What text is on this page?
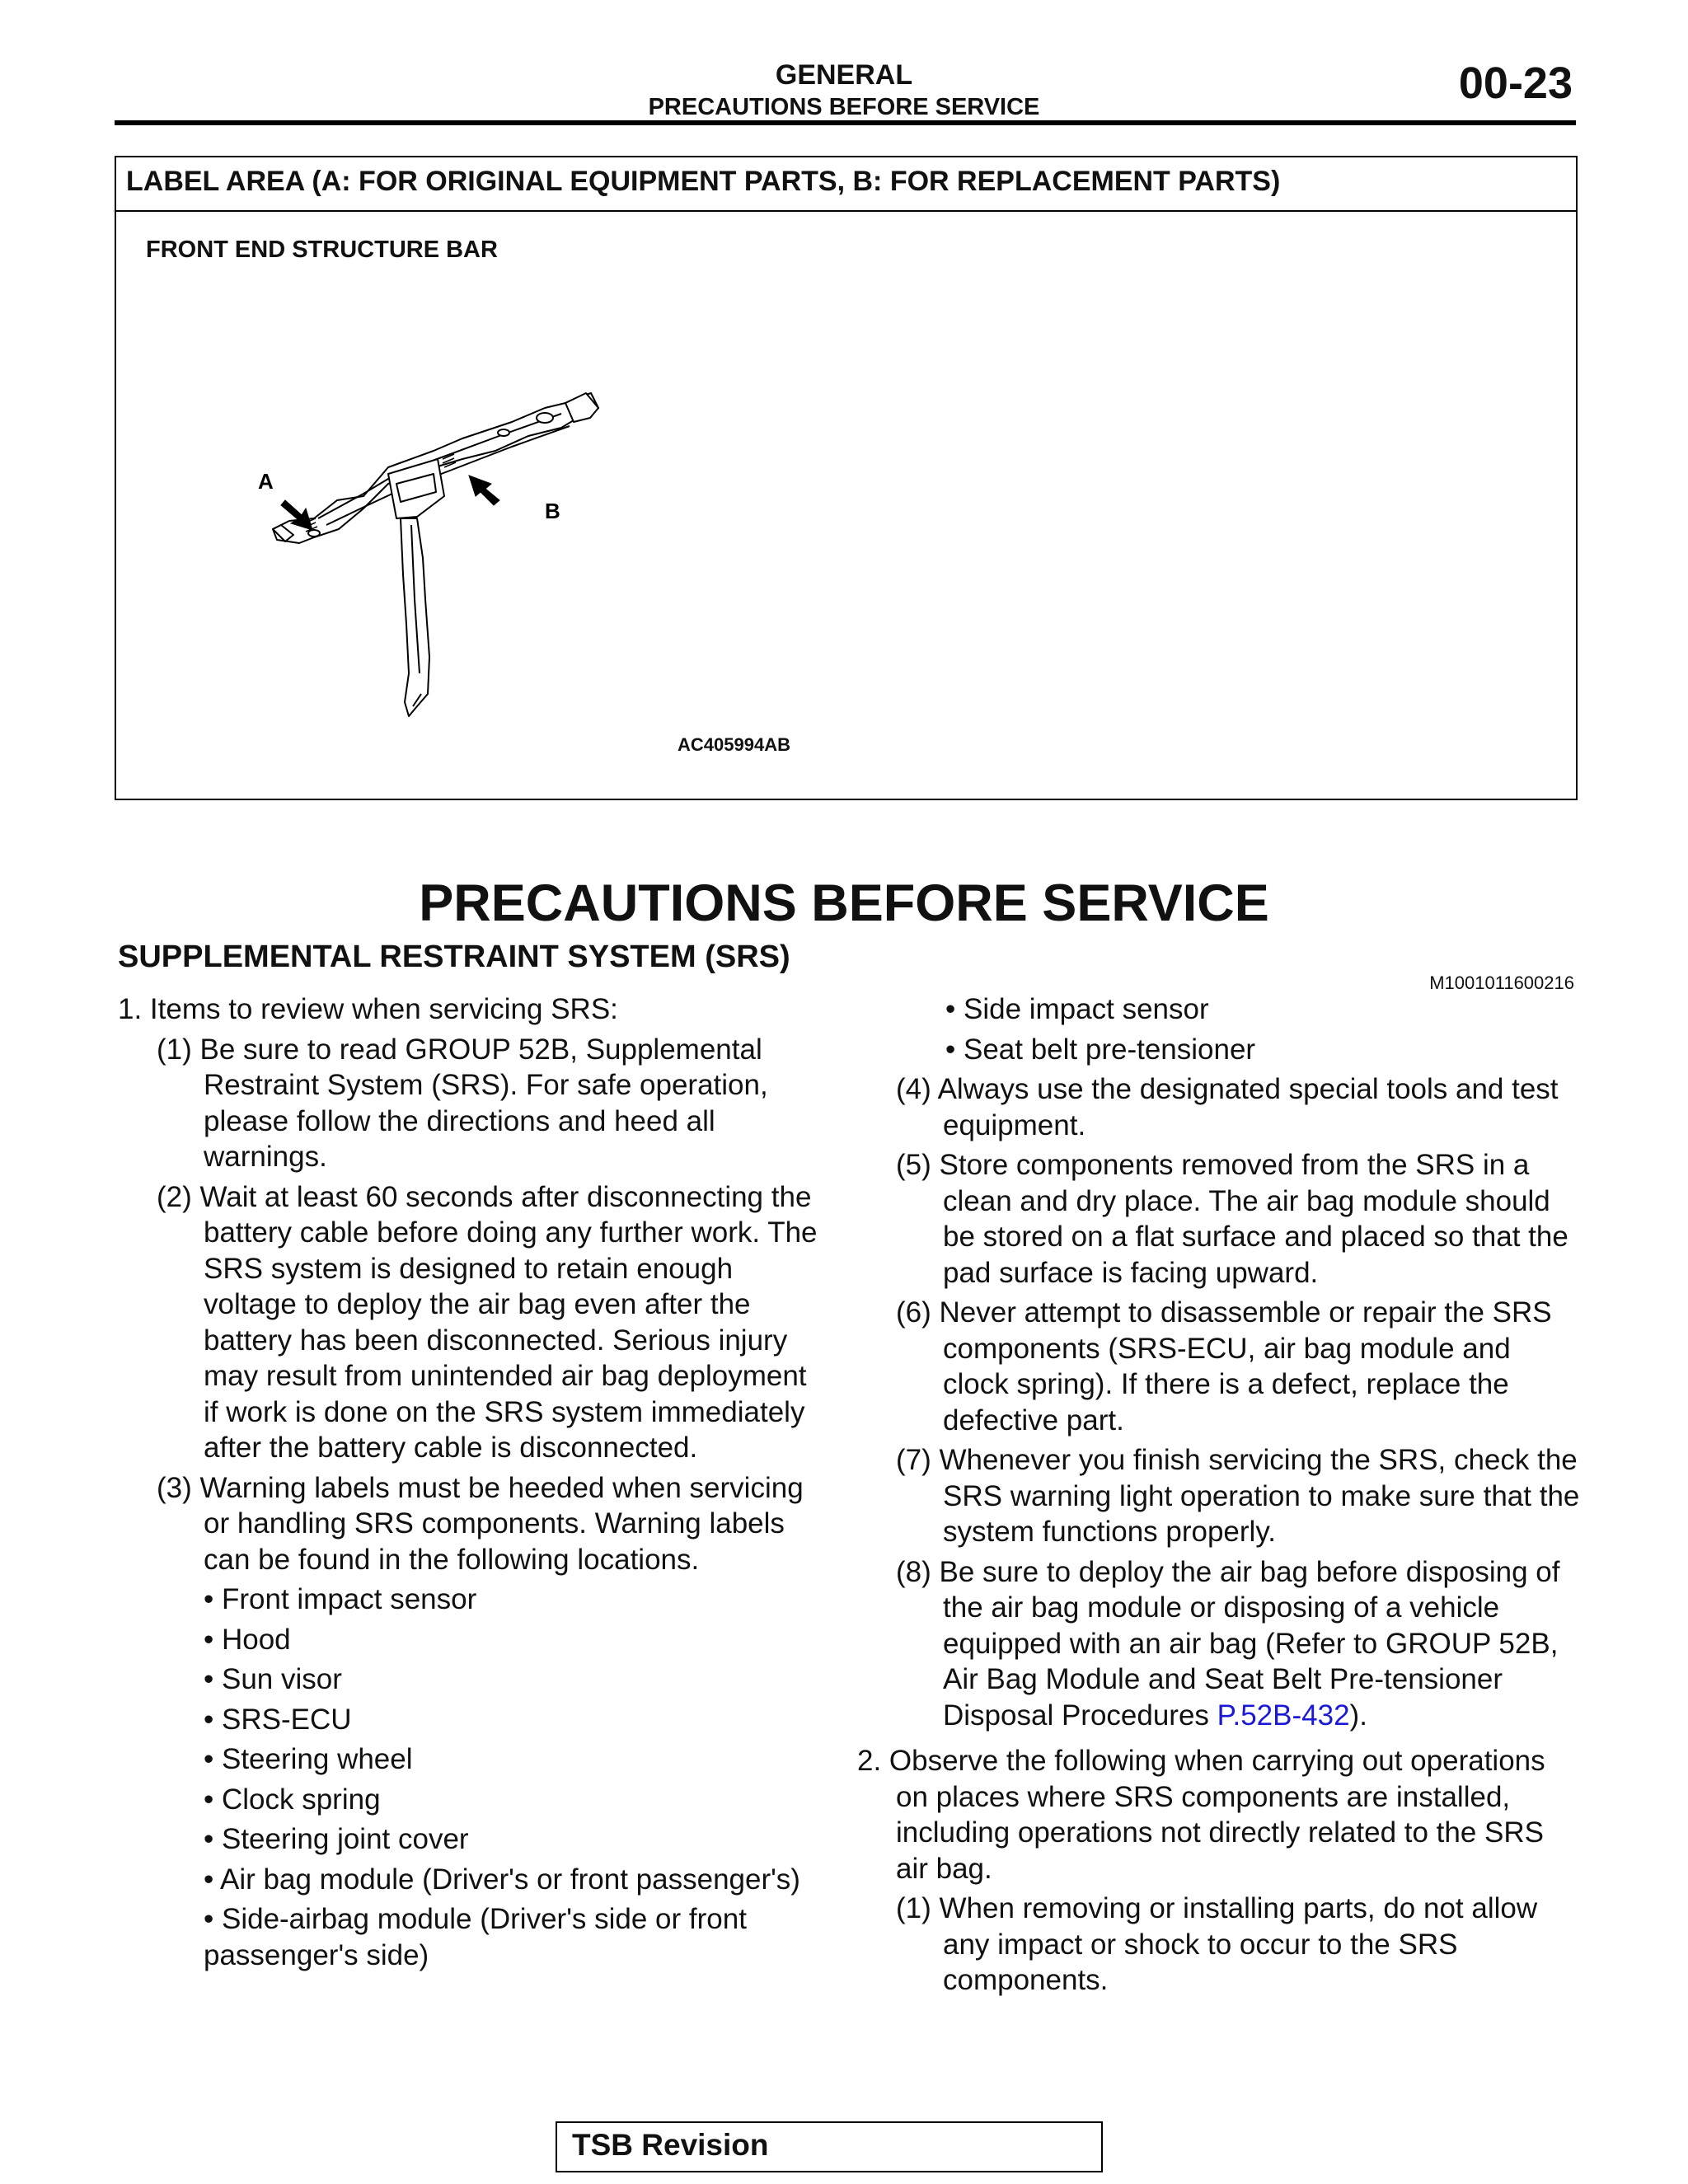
GENERAL
PRECAUTIONS BEFORE SERVICE	00-23
LABEL AREA (A: FOR ORIGINAL EQUIPMENT PARTS, B: FOR REPLACEMENT PARTS)
FRONT END STRUCTURE BAR
A
B
AC405994AB
PRECAUTIONS BEFORE SERVICE
SUPPLEMENTAL RESTRAINT SYSTEM (SRS)
M1001011600216

1. Items to review when servicing SRS:

(1) Be sure to read GROUP 52B, Supplemental Restraint System (SRS). For safe operation, please follow the directions and heed all warnings.

(2) Wait at least 60 seconds after disconnecting the battery cable before doing any further work. The SRS system is designed to retain enough voltage to deploy the air bag even after the battery has been disconnected. Serious injury may result from unintended air bag deployment if work is done on the SRS system immediately after the battery cable is disconnected.

(3) Warning labels must be heeded when servicing or handling SRS components. Warning labels can be found in the following locations.

• Front impact sensor

• Hood

• Sun visor

• SRS-ECU

• Steering wheel

• Clock spring

• Steering joint cover

• Air bag module (Driver's or front passenger's)

• Side-airbag module (Driver's side or front passenger's side)

• Side impact sensor

• Seat belt pre-tensioner

(4) Always use the designated special tools and test equipment.

(5) Store components removed from the SRS in a clean and dry place. The air bag module should be stored on a flat surface and placed so that the pad surface is facing upward.

(6) Never attempt to disassemble or repair the SRS components (SRS-ECU, air bag module and clock spring). If there is a defect, replace the defective part.

(7) Whenever you finish servicing the SRS, check the SRS warning light operation to make sure that the system functions properly.

(8) Be sure to deploy the air bag before disposing of the air bag module or disposing of a vehicle equipped with an air bag (Refer to GROUP 52B, Air Bag Module and Seat Belt Pre-tensioner Disposal Procedures P.52B-432).

2. Observe the following when carrying out operations on places where SRS components are installed, including operations not directly related to the SRS air bag.

(1) When removing or installing parts, do not allow any impact or shock to occur to the SRS components.

TSB Revision
